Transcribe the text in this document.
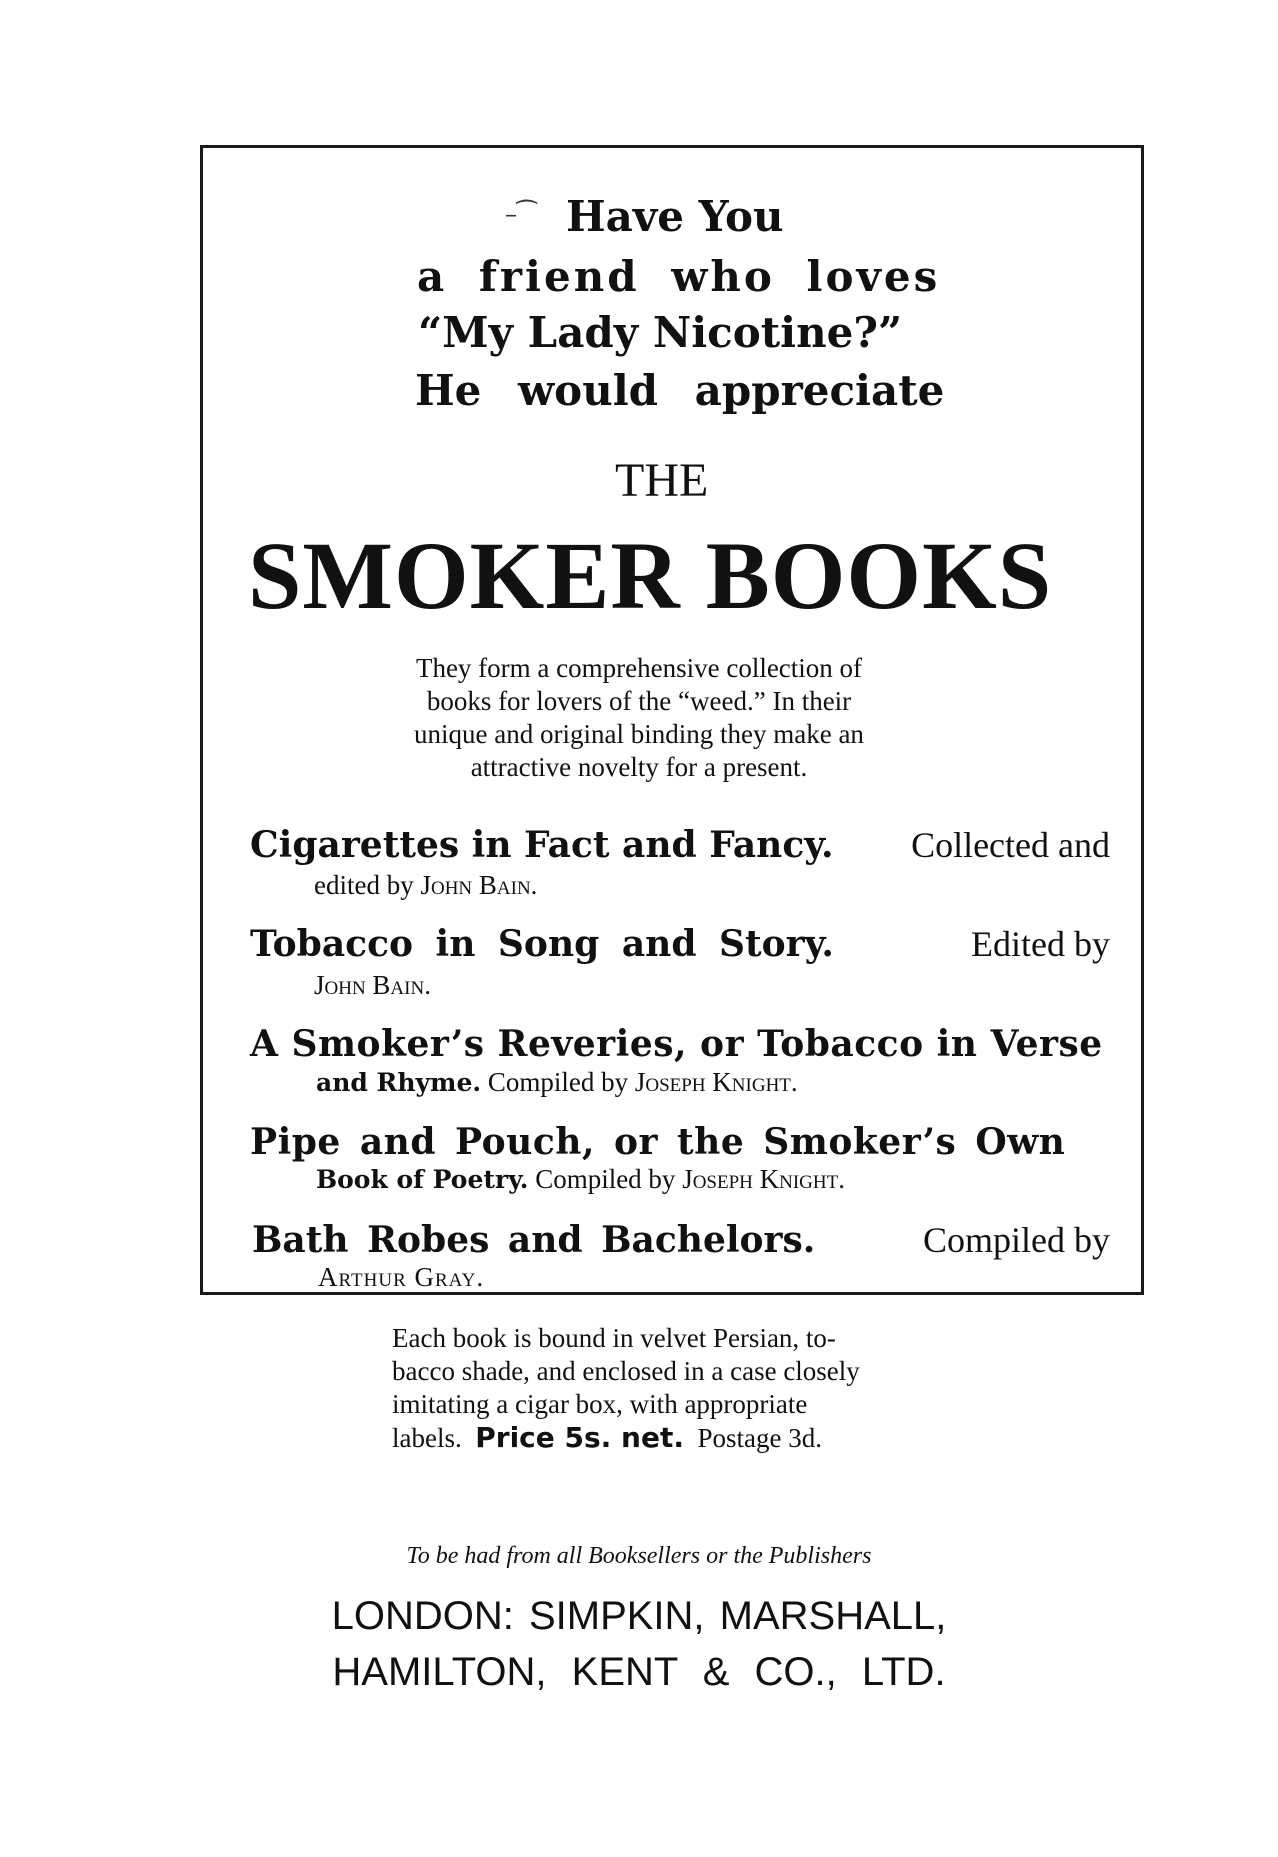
–⁀ Have You
a friend who loves
“My Lady Nicotine?”
He would appreciate
THE
SMOKER BOOKS
They form a comprehensive collection of
books for lovers of the “weed.” In their
unique and original binding they make an
attractive novelty for a present.
Cigarettes in Fact and Fancy. Collected and
edited by John Bain.
Tobacco in Song and Story.	Edited by
John Bain.
A Smoker’s Reveries, or Tobacco in Verse
and Rhyme. Compiled by Joseph Knight.
Pipe and Pouch, or the Smoker’s Own
Book of Poetry. Compiled by Joseph Knight.
Bath Robes and Bachelors.	Compiled by
Arthur Gray.
Each book is bound in velvet Persian, to-
bacco shade, and enclosed in a case closely
imitating a cigar box, with appropriate
labels. Price 5s. net. Postage 3d.
To be had from all Booksellers or the Publishers
LONDON: SIMPKIN, MARSHALL,
HAMILTON, KENT & CO., LTD.
